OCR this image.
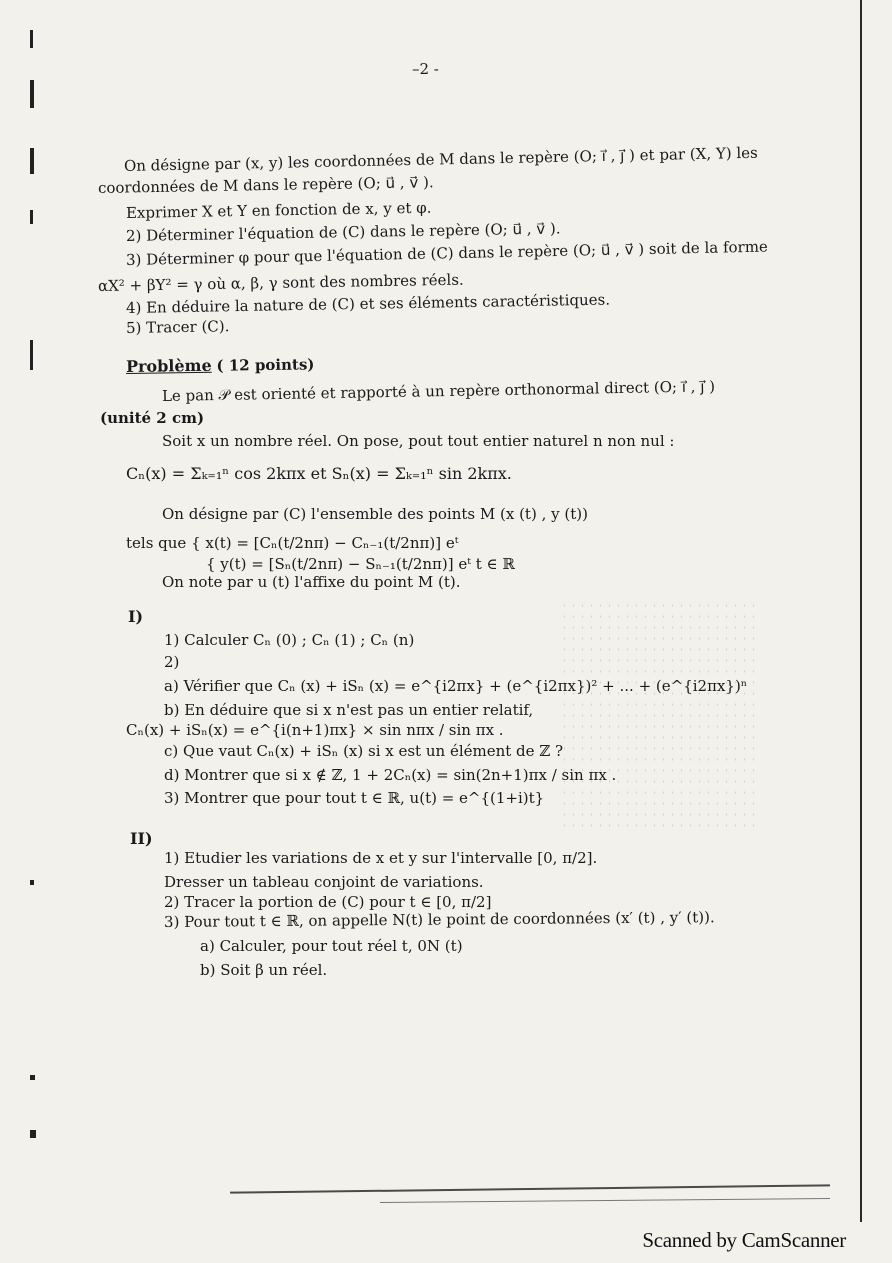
–2 -
On désigne par (x, y) les coordonnées de M dans le repère (O; i⃗ , j⃗ ) et par (X, Y) les
coordonnées de M dans le repère (O; u⃗ , v⃗ ).
Exprimer X et Y en fonction de x, y et φ.
2) Déterminer l'équation de (C) dans le repère (O; u⃗ , v⃗ ).
3) Déterminer φ pour que l'équation de (C) dans le repère (O; u⃗ , v⃗ ) soit de la forme
αX² + βY² = γ où α, β, γ sont des nombres réels.
4) En déduire la nature de (C) et ses éléments caractéristiques.
5) Tracer (C).
Problème ( 12 points)
Le pan 𝒫 est orienté et rapporté à un repère orthonormal direct (O; i⃗ , j⃗ )
(unité 2 cm)
Soit x un nombre réel. On pose, pout tout entier naturel n non nul :
Cₙ(x) = Σₖ₌₁ⁿ cos 2kπx et Sₙ(x) = Σₖ₌₁ⁿ sin 2kπx.
On désigne par (C) l'ensemble des points M (x (t) , y (t))
tels que { x(t) = [Cₙ(t/2nπ) − Cₙ₋₁(t/2nπ)] eᵗ
{ y(t) = [Sₙ(t/2nπ) − Sₙ₋₁(t/2nπ)] eᵗ t ∈ ℝ
On note par u (t) l'affixe du point M (t).
I)
1) Calculer Cₙ (0) ; Cₙ (1) ; Cₙ (n)
2)
a) Vérifier que Cₙ (x) + iSₙ (x) = e^{i2πx} + (e^{i2πx})² + ... + (e^{i2πx})ⁿ
b) En déduire que si x n'est pas un entier relatif,
Cₙ(x) + iSₙ(x) = e^{i(n+1)πx} × sin nπx / sin πx .
c) Que vaut Cₙ(x) + iSₙ (x) si x est un élément de ℤ ?
d) Montrer que si x ∉ ℤ, 1 + 2Cₙ(x) = sin(2n+1)πx / sin πx .
3) Montrer que pour tout t ∈ ℝ, u(t) = e^{(1+i)t}
II)
1) Etudier les variations de x et y sur l'intervalle [0, π/2].
Dresser un tableau conjoint de variations.
2) Tracer la portion de (C) pour t ∈ [0, π/2]
3) Pour tout t ∈ ℝ, on appelle N(t) le point de coordonnées (x′ (t) , y′ (t)).
a) Calculer, pour tout réel t, 0N (t)
b) Soit β un réel.
Scanned by CamScanner
